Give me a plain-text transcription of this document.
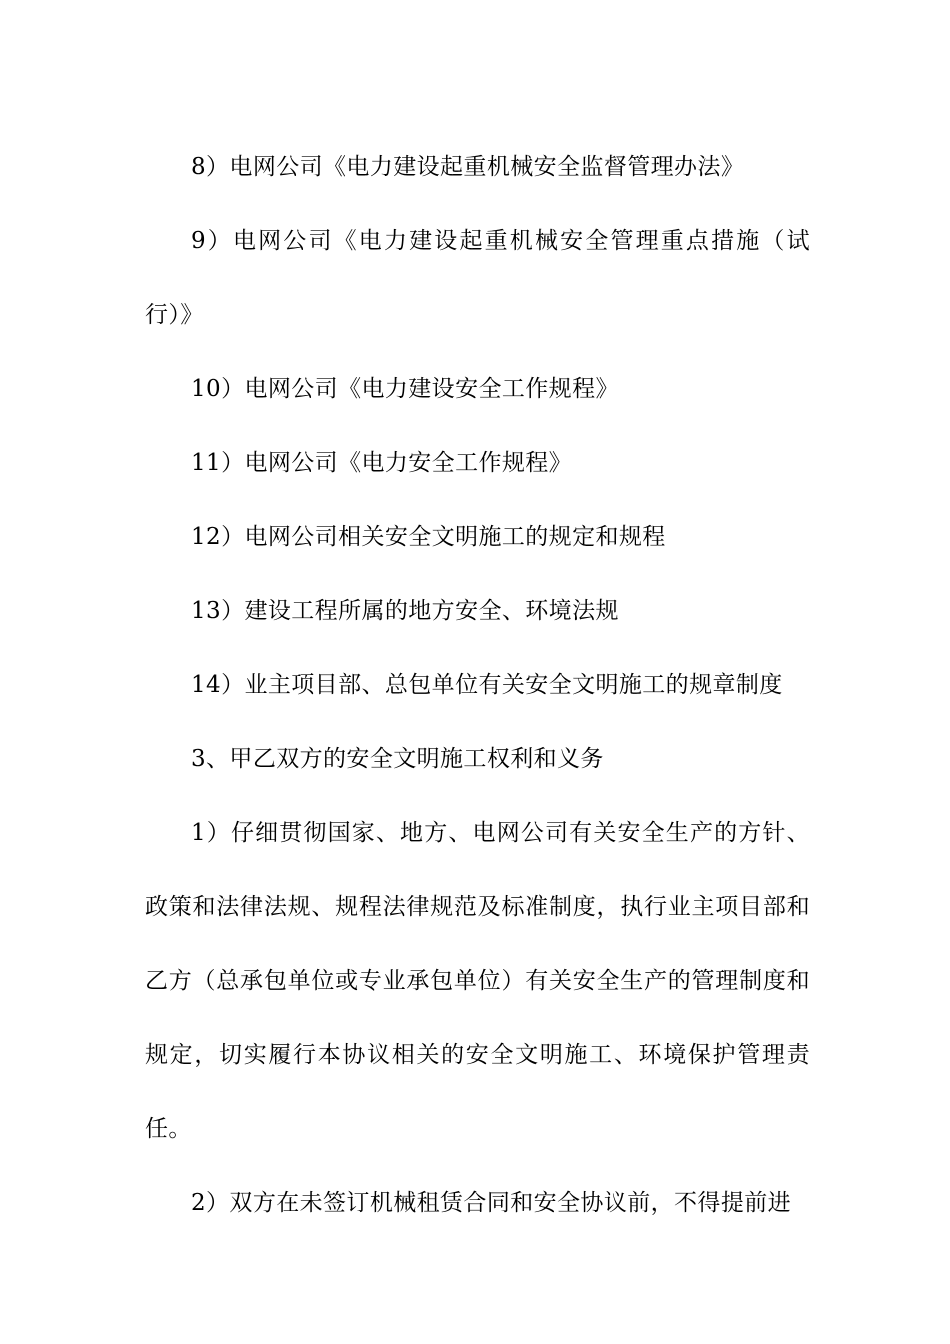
8）电网公司《电力建设起重机械安全监督管理办法》

9）电网公司《电力建设起重机械安全管理重点措施（试行）》

10）电网公司《电力建设安全工作规程》

11）电网公司《电力安全工作规程》

12）电网公司相关安全文明施工的规定和规程

13）建设工程所属的地方安全、环境法规

14）业主项目部、总包单位有关安全文明施工的规章制度

3、甲乙双方的安全文明施工权利和义务

1）仔细贯彻国家、地方、电网公司有关安全生产的方针、政策和法律法规、规程法律规范及标准制度，执行业主项目部和乙方（总承包单位或专业承包单位）有关安全生产的管理制度和规定，切实履行本协议相关的安全文明施工、环境保护管理责任。

2）双方在未签订机械租赁合同和安全协议前，不得提前进
